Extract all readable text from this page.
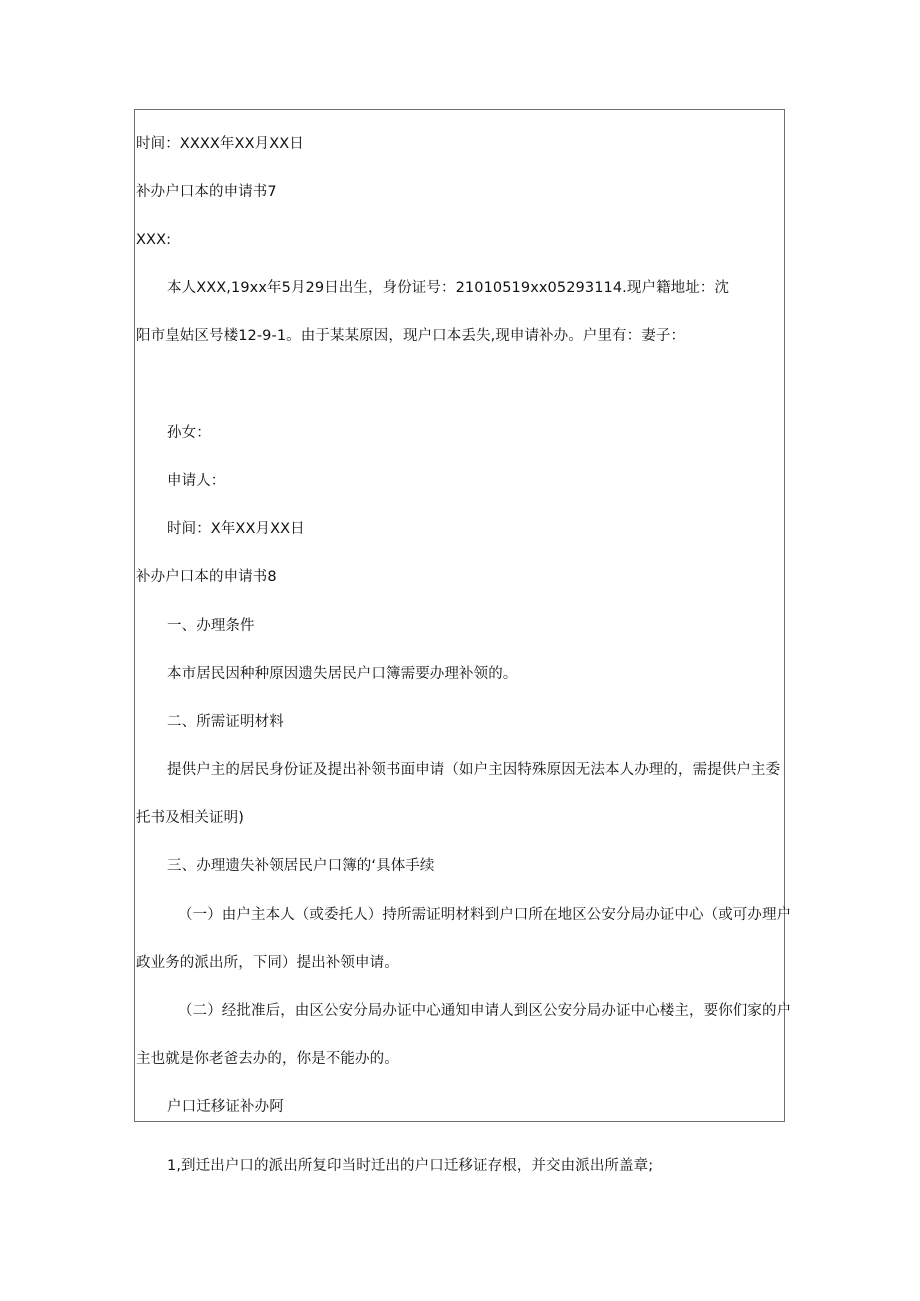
时间：XXXX年XX月XX日

补办户口本的申请书7

XXX:

本人XXX,19xx年5月29日出生，身份证号：21010519xx05293114.现户籍地址：沈

阳市皇姑区号楼12-9-1。由于某某原因，现户口本丢失,现申请补办。户里有：妻子：

孙女：

申请人：

时间：X年XX月XX日

补办户口本的申请书8

一、办理条件

本市居民因种种原因遗失居民户口簿需要办理补领的。

二、所需证明材料

提供户主的居民身份证及提出补领书面申请（如户主因特殊原因无法本人办理的，需提供户主委

托书及相关证明)

三、办理遗失补领居民户口簿的‘具体手续

（一）由户主本人（或委托人）持所需证明材料到户口所在地区公安分局办证中心（或可办理户

政业务的派出所，下同）提出补领申请。

（二）经批准后，由区公安分局办证中心通知申请人到区公安分局办证中心楼主，要你们家的户

主也就是你老爸去办的，你是不能办的。

户口迁移证补办阿

1,到迁出户口的派出所复印当时迁出的户口迁移证存根，并交由派出所盖章;
